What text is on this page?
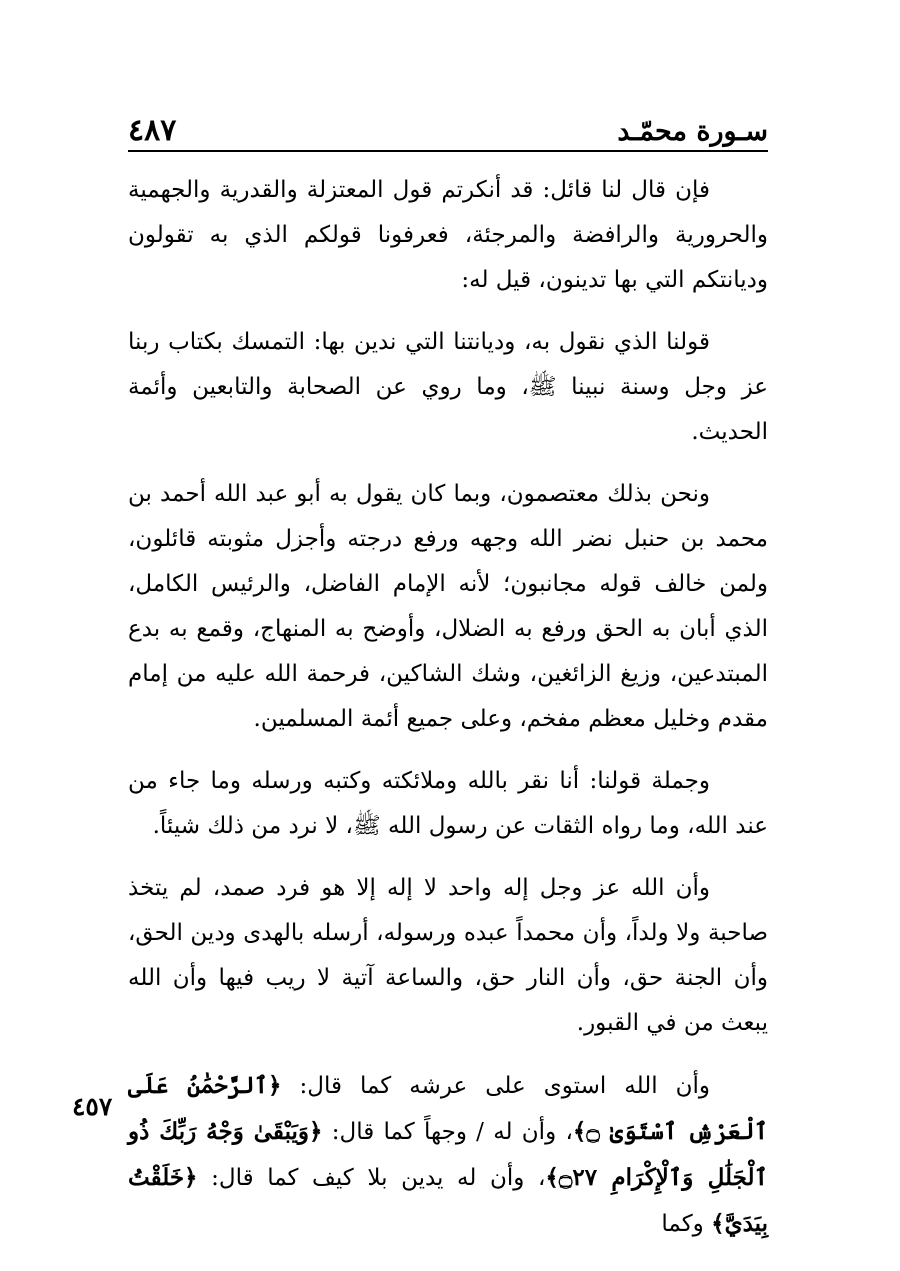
٤٨٧	سـورة محمّـد
٤٥٧

فإن قال لنا قائل: قد أنكرتم قول المعتزلة والقدرية والجهمية والحرورية والرافضة والمرجئة، فعرفونا قولكم الذي به تقولون وديانتكم التي بها تدينون، قيل له:

قولنا الذي نقول به، وديانتنا التي ندين بها: التمسك بكتاب ربنا عز وجل وسنة نبينا ﷺ، وما روي عن الصحابة والتابعين وأئمة الحديث.

ونحن بذلك معتصمون، وبما كان يقول به أبو عبد الله أحمد بن محمد بن حنبل نضر الله وجهه ورفع درجته وأجزل مثوبته قائلون، ولمن خالف قوله مجانبون؛ لأنه الإمام الفاضل، والرئيس الكامل، الذي أبان به الحق ورفع به الضلال، وأوضح به المنهاج، وقمع به بدع المبتدعين، وزيغ الزائغين، وشك الشاكين، فرحمة الله عليه من إمام مقدم وخليل معظم مفخم، وعلى جميع أئمة المسلمين.

وجملة قولنا: أنا نقر بالله وملائكته وكتبه ورسله وما جاء من عند الله، وما رواه الثقات عن رسول الله ﷺ، لا نرد من ذلك شيئاً.

وأن الله عز وجل إله واحد لا إله إلا هو فرد صمد، لم يتخذ صاحبة ولا ولداً، وأن محمداً عبده ورسوله، أرسله بالهدى ودين الحق، وأن الجنة حق، وأن النار حق، والساعة آتية لا ريب فيها وأن الله يبعث من في القبور.

وأن الله استوى على عرشه كما قال: ﴿ٱلرَّحْمَٰنُ عَلَى ٱلْعَرْشِ ٱسْتَوَىٰ ۝﴾، وأن له / وجهاً كما قال: ﴿وَيَبْقَىٰ وَجْهُ رَبِّكَ ذُو ٱلْجَلَٰلِ وَٱلْإِكْرَامِ ۝٢٧﴾، وأن له يدين بلا كيف كما قال: ﴿خَلَقْتُ بِيَدَيَّ﴾ وكما
